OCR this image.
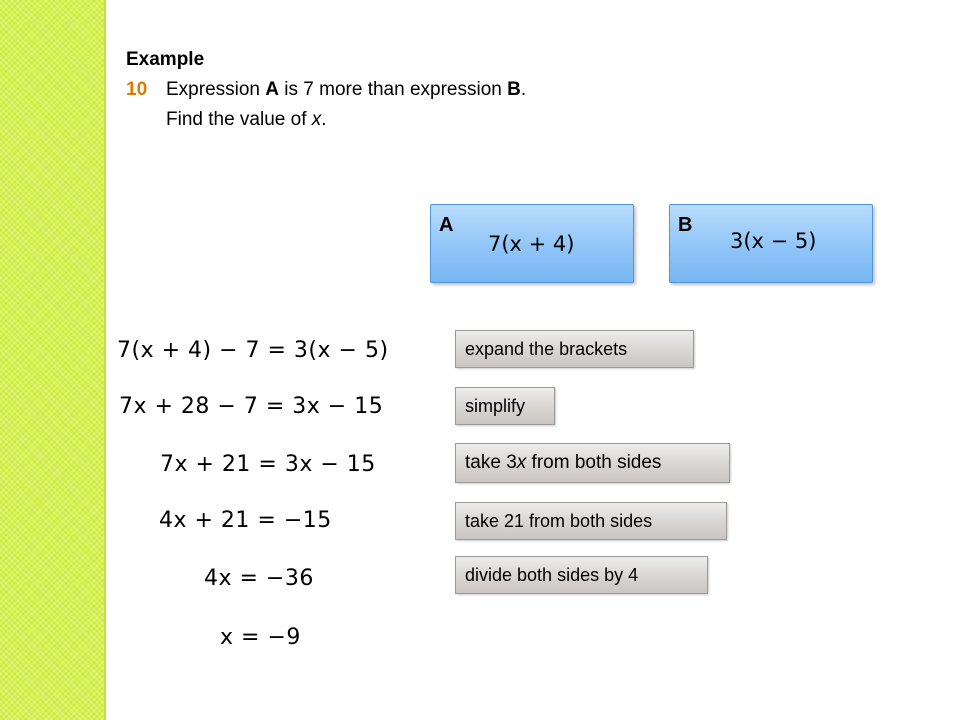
Example
10 Expression A is 7 more than expression B.
Find the value of x.
A
7(x + 4)
B
3(x − 5)
7(x + 4) − 7 = 3(x − 5)
7x + 28 − 7 = 3x − 15
7x + 21 = 3x − 15
4x + 21 = −15
4x = −36
x = −9
expand the brackets
simplify
take 3x from both sides
take 21 from both sides
divide both sides by 4
